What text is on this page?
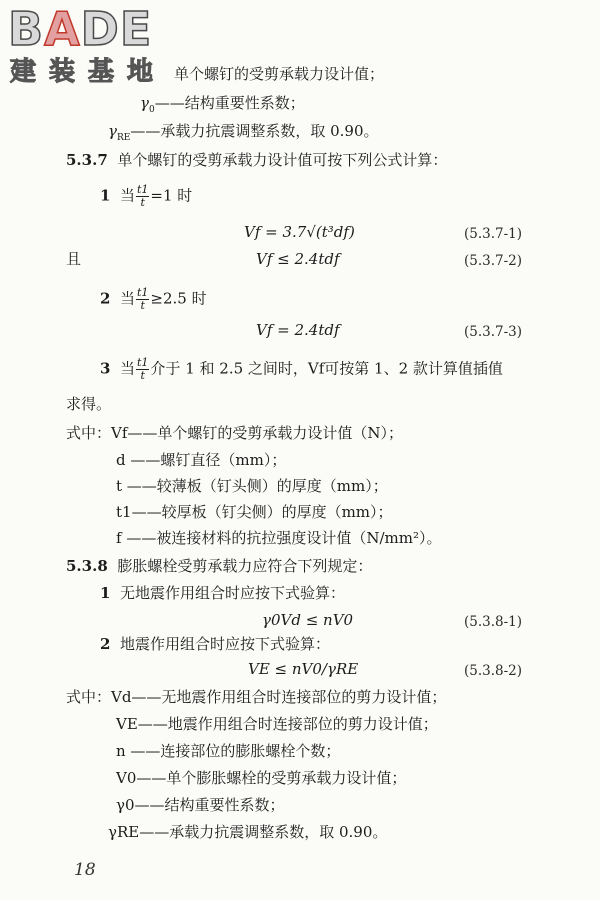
BADE
建装基地 单个螺钉的受剪承载力设计值；
$\gamma_0——$结构重要性系数；
$\gamma_{RE}——$承载力抗震调整系数，取 0.90。
5.3.7 单个螺钉的受剪承载力设计值可按下列公式计算：
1 当 $\frac{t1}{t} =1$ 时
Vf = 3.7√(t³df)	(5.3.7-1)
且	Vf ≤ 2.4tdf	(5.3.7-2)
2 当 $\frac{t1}{t} \ge 2.5$ 时
Vf = 2.4tdf	(5.3.7-3)
3 当 $\frac{t1}{t}$ 介于 1 和 2.5 之间时，Vf可按第 1、2 款计算值插值
求得。
式中：Vf——单个螺钉的受剪承载力设计值（N）；
d ——螺钉直径（mm）；
t ——较薄板（钉头侧）的厚度（mm）；
t1——较厚板（钉尖侧）的厚度（mm）；
f ——被连接材料的抗拉强度设计值（N/mm²）。
5.3.8 膨胀螺栓受剪承载力应符合下列规定：
1 无地震作用组合时应按下式验算：
γ0Vd ≤ nV0	(5.3.8-1)
2 地震作用组合时应按下式验算：
VE ≤ nV0/γRE	(5.3.8-2)
式中：Vd——无地震作用组合时连接部位的剪力设计值；
VE——地震作用组合时连接部位的剪力设计值；
n ——连接部位的膨胀螺栓个数；
V0——单个膨胀螺栓的受剪承载力设计值；
γ0——结构重要性系数；
γRE——承载力抗震调整系数，取 0.90。
18
